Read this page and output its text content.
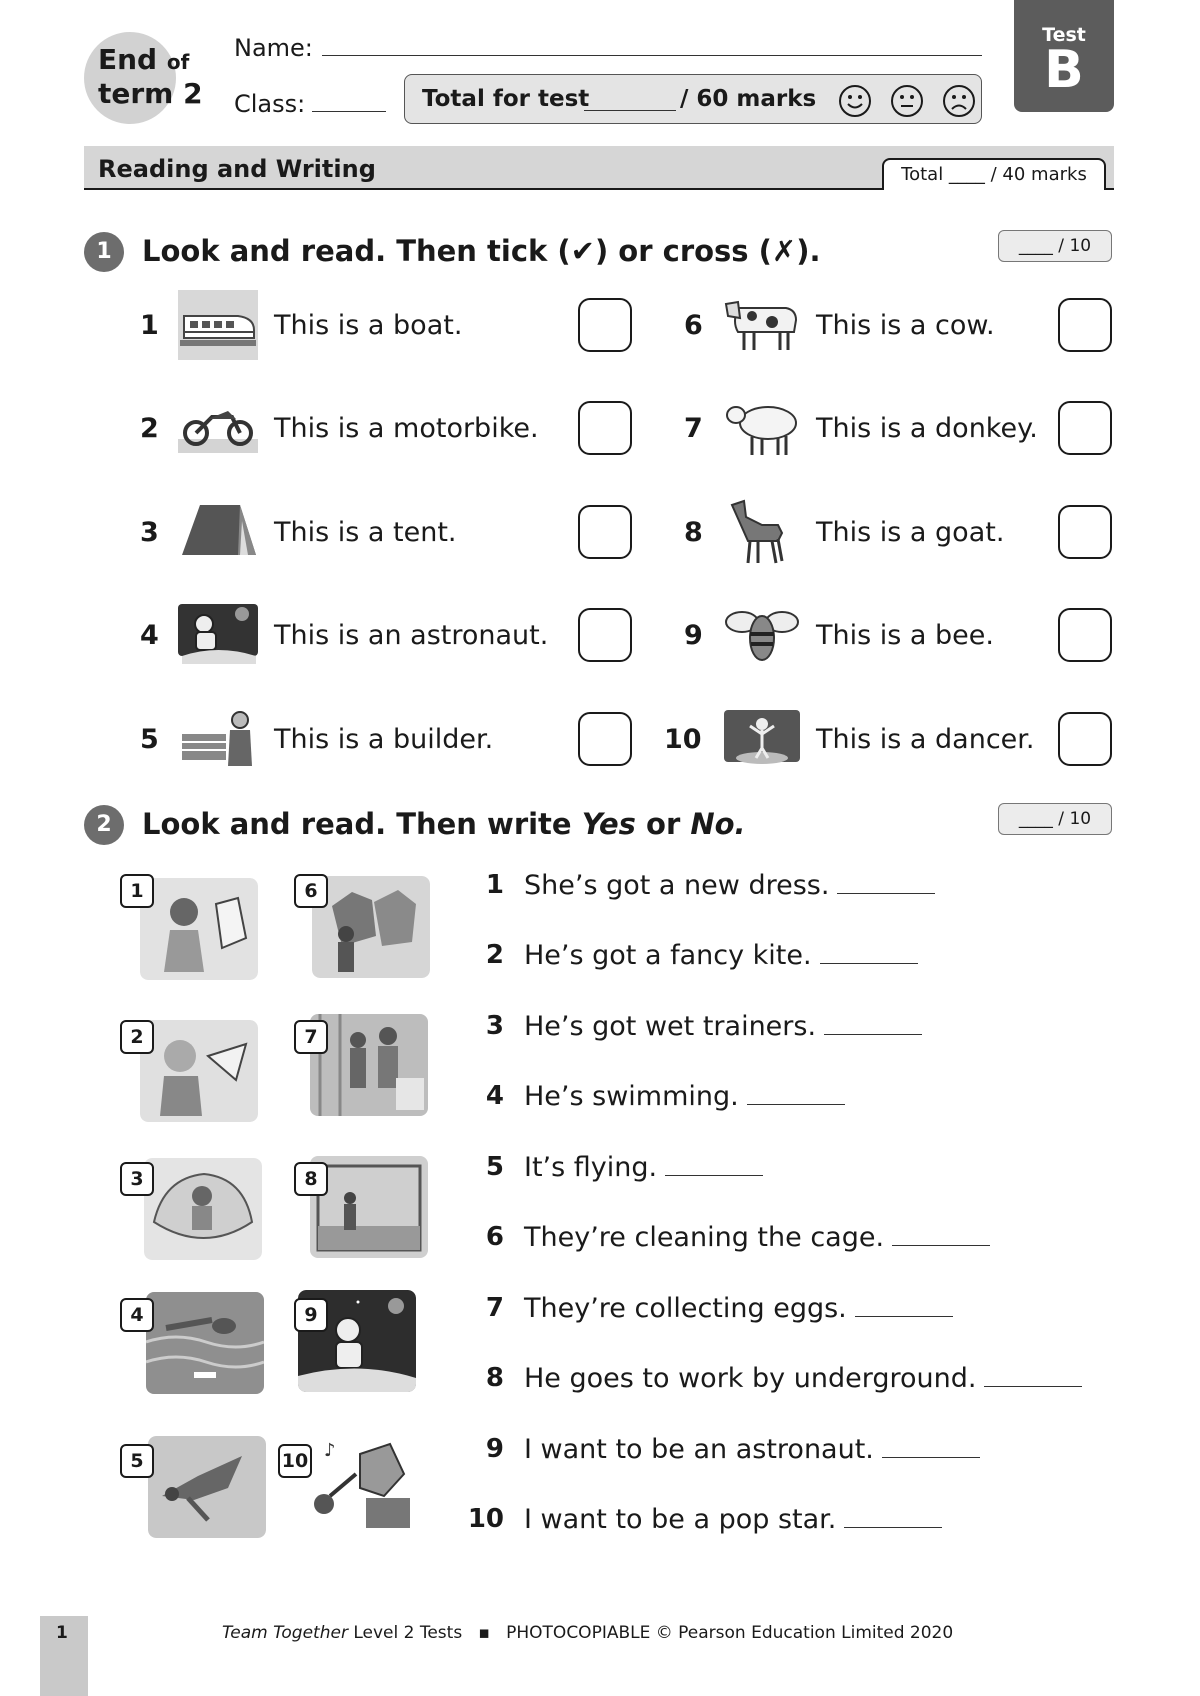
End of
term 2
Name:
Class:	Total for test	/ 60 marks
Test
B
Reading and Writing	Total ____ / 40 marks
1	Look and read. Then tick (✔) or cross (✗).	____ / 10
1	This is a boat.
2	This is a motorbike.
3	This is a tent.
4	This is an astronaut.
5	This is a builder.
6	This is a cow.
7	This is a donkey.
8	This is a goat.
9	This is a bee.
10	This is a dancer.
2	Look and read. Then write Yes or No.	____ / 10
1	6
2	7
3	8
4	9
5	♪
10
1 She’s got a new dress.
2 He’s got a fancy kite.
3 He’s got wet trainers.
4 He’s swimming.
5 It’s flying.
6 They’re cleaning the cage.
7 They’re collecting eggs.
8 He goes to work by underground.
9 I want to be an astronaut.
10 I want to be a pop star.
1	Team Together Level 2 Tests   ▪   PHOTOCOPIABLE © Pearson Education Limited 2020
